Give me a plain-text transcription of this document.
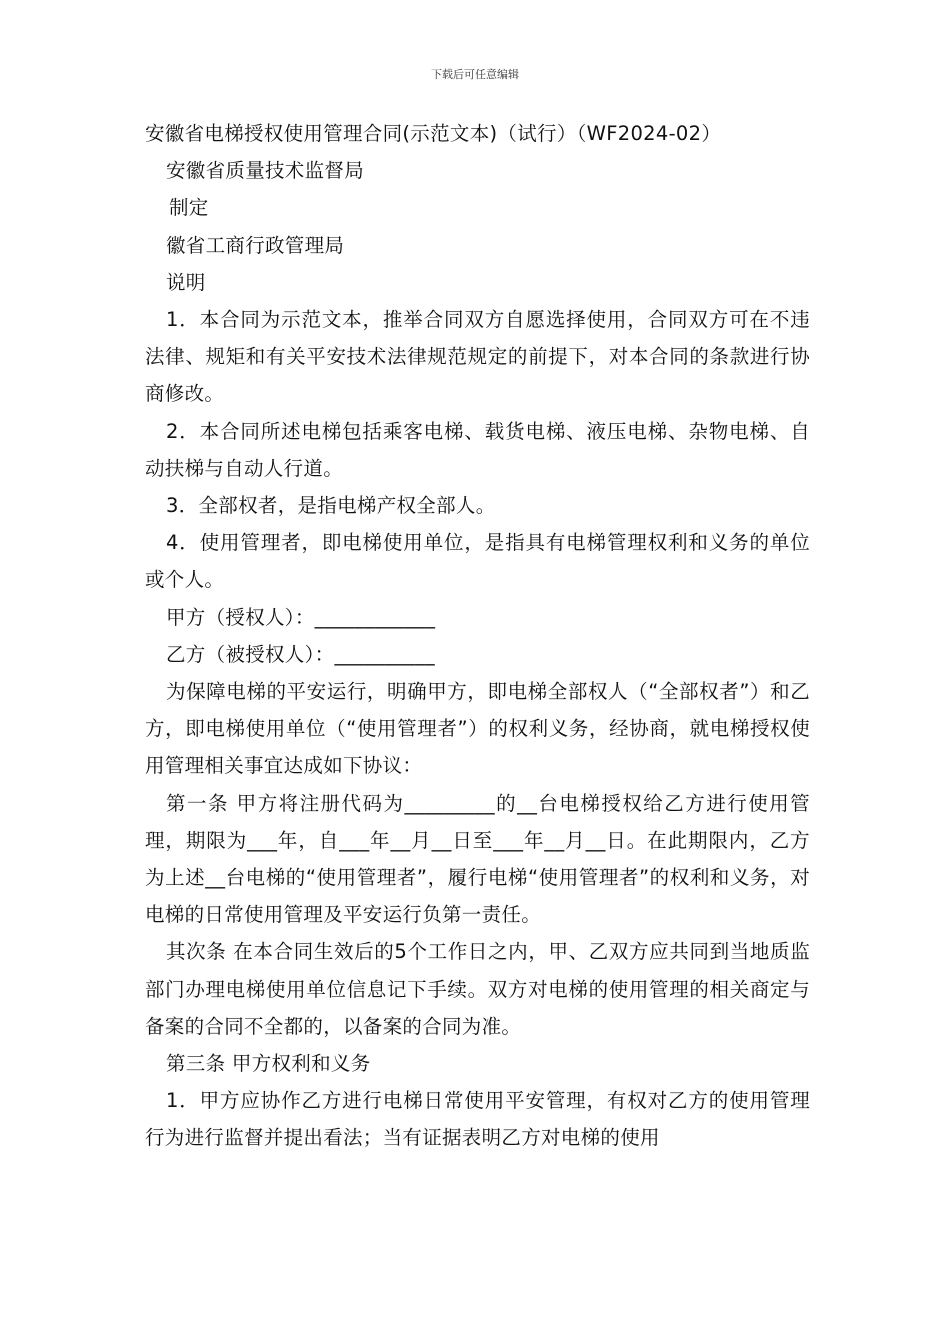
下载后可任意编辑

安徽省电梯授权使用管理合同(示范文本)（试行）（WF2024-02）

安徽省质量技术监督局

制定

徽省工商行政管理局

说明

1．本合同为示范文本，推举合同双方自愿选择使用，合同双方可在不违法律、规矩和有关平安技术法律规范规定的前提下，对本合同的条款进行协商修改。

2．本合同所述电梯包括乘客电梯、载货电梯、液压电梯、杂物电梯、自动扶梯与自动人行道。

3．全部权者，是指电梯产权全部人。

4．使用管理者，即电梯使用单位，是指具有电梯管理权利和义务的单位或个人。

甲方（授权人）：____________

乙方（被授权人）：__________

为保障电梯的平安运行，明确甲方，即电梯全部权人（“全部权者”）和乙方，即电梯使用单位（“使用管理者”）的权利义务，经协商，就电梯授权使用管理相关事宜达成如下协议：

第一条 甲方将注册代码为_________的__台电梯授权给乙方进行使用管理，期限为___年，自___年__月__日至___年__月__日。在此期限内，乙方为上述__台电梯的“使用管理者”，履行电梯“使用管理者”的权利和义务，对电梯的日常使用管理及平安运行负第一责任。

其次条 在本合同生效后的5个工作日之内，甲、乙双方应共同到当地质监部门办理电梯使用单位信息记下手续。双方对电梯的使用管理的相关商定与备案的合同不全都的，以备案的合同为准。

第三条 甲方权利和义务

1．甲方应协作乙方进行电梯日常使用平安管理，有权对乙方的使用管理行为进行监督并提出看法；当有证据表明乙方对电梯的使用
